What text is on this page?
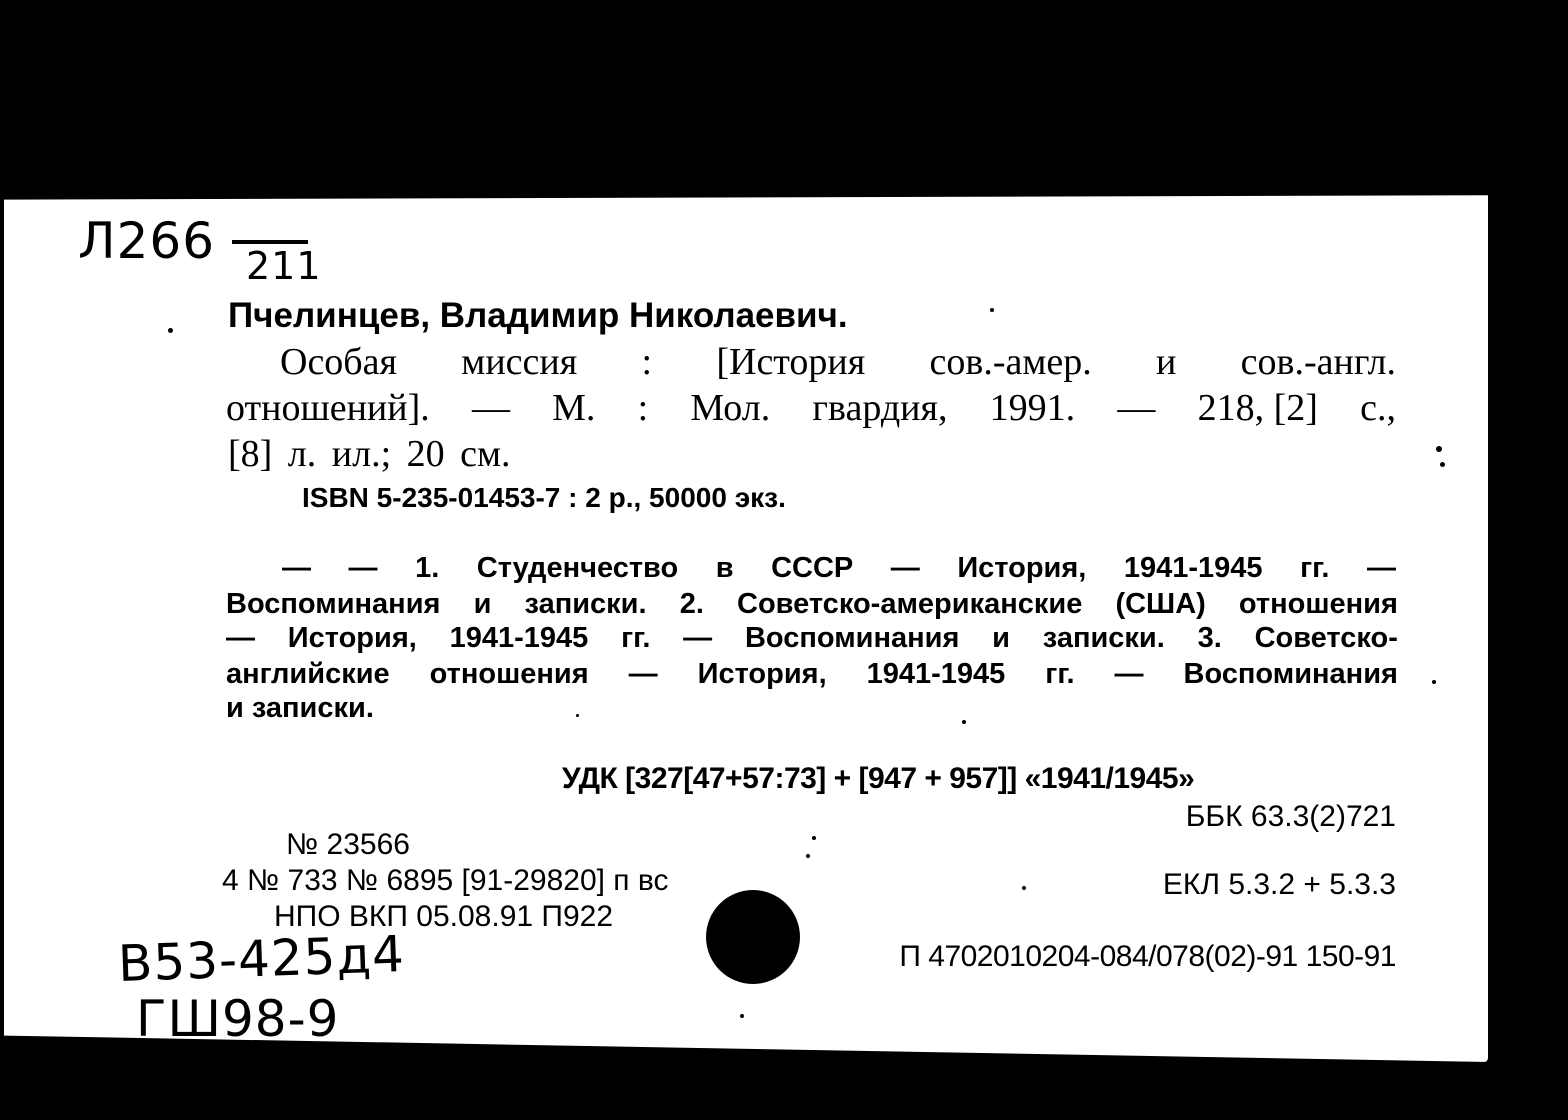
Л266 211
Пчелинцев, Владимир Николаевич.
Особая миссия : [История сов.-амер. и сов.-англ.
отношений]. — М. : Мол. гвардия, 1991. — 218, [2] с.,
[8] л. ил.; 20 см.
ISBN 5-235-01453-7 : 2 р., 50000 экз.
— — 1. Студенчество в СССР — История, 1941-1945 гг. —
Воспоминания и записки. 2. Советско-американские (США) отношения
— История, 1941-1945 гг. — Воспоминания и записки. 3. Советско-
английские отношения — История, 1941-1945 гг. — Воспоминания
и записки.
УДК [327[47+57:73] + [947 + 957]] «1941/1945»
ББК 63.3(2)721
№ 23566
4 № 733 № 6895 [91-29820] п вс	ЕКЛ 5.3.2 + 5.3.3
НПО ВКП 05.08.91 П922
П 4702010204-084/078(02)-91 150-91
В53-425д4
ГШ98-9
